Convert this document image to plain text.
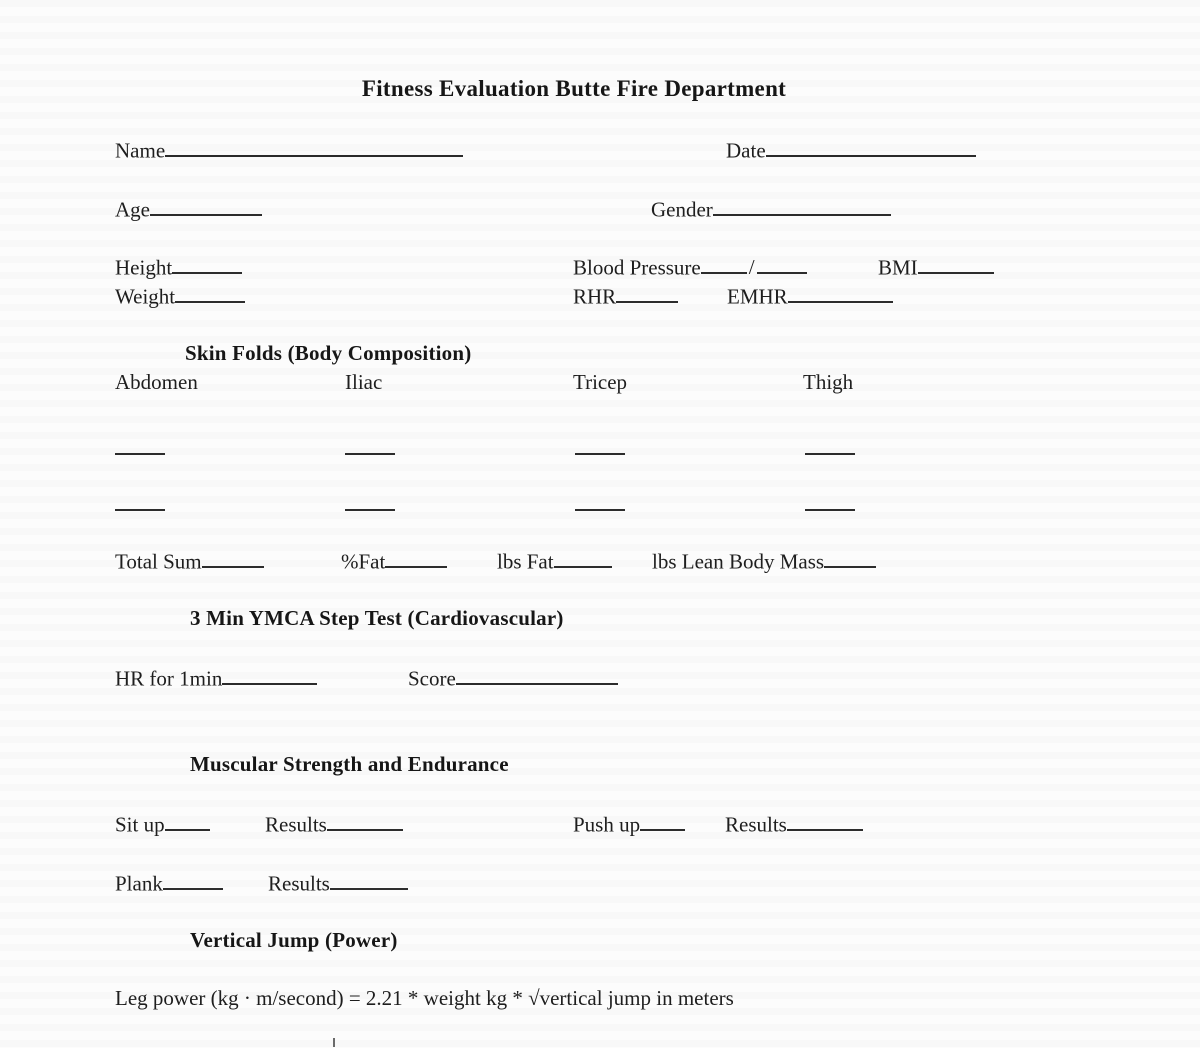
Fitness Evaluation Butte Fire Department
Name	Date
Age	Gender
Height	Blood Pressure /	BMI
Weight	RHR	EMHR
Skin Folds (Body Composition)
Abdomen	Iliac	Tricep	Thigh
Total Sum	%Fat	lbs Fat	lbs Lean Body Mass
3 Min YMCA Step Test (Cardiovascular)
HR for 1min	Score
Muscular Strength and Endurance
Sit up	Results	Push up	Results
Plank	Results
Vertical Jump (Power)
Leg power (kg · m/second) = 2.21 * weight kg * √vertical jump in meters
